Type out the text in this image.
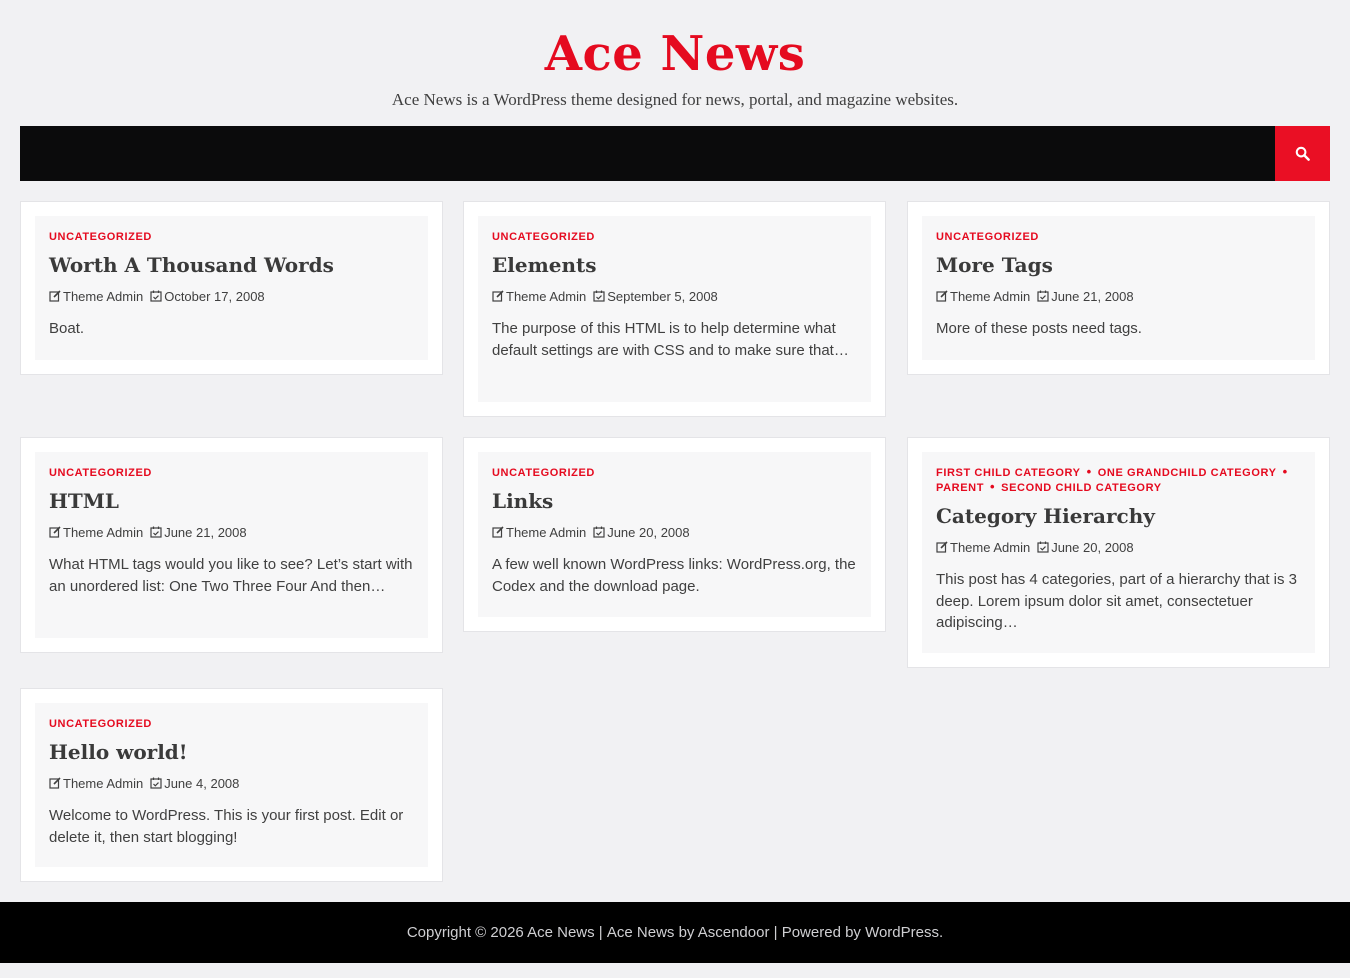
Ace News

Ace News is a WordPress theme designed for news, portal, and magazine websites.

UNCATEGORIZED
Worth A Thousand Words
Theme Admin October 17, 2008

Boat.

UNCATEGORIZED
Elements
Theme Admin September 5, 2008

The purpose of this HTML is to help determine what default settings are with CSS and to make sure that…

UNCATEGORIZED
More Tags
Theme Admin June 21, 2008

More of these posts need tags.

UNCATEGORIZED
HTML
Theme Admin June 21, 2008

What HTML tags would you like to see? Let’s start with an unordered list: One Two Three Four And then…

UNCATEGORIZED
Links
Theme Admin June 20, 2008

A few well known WordPress links: WordPress.org, the Codex and the download page.

FIRST CHILD CATEGORY • ONE GRANDCHILD CATEGORY •
PARENT • SECOND CHILD CATEGORY
Category Hierarchy
Theme Admin June 20, 2008

This post has 4 categories, part of a hierarchy that is 3 deep. Lorem ipsum dolor sit amet, consectetuer adipiscing…

UNCATEGORIZED
Hello world!
Theme Admin June 4, 2008

Welcome to WordPress. This is your first post. Edit or delete it, then start blogging!

Copyright © 2026 Ace News | Ace News by Ascendoor | Powered by WordPress.
